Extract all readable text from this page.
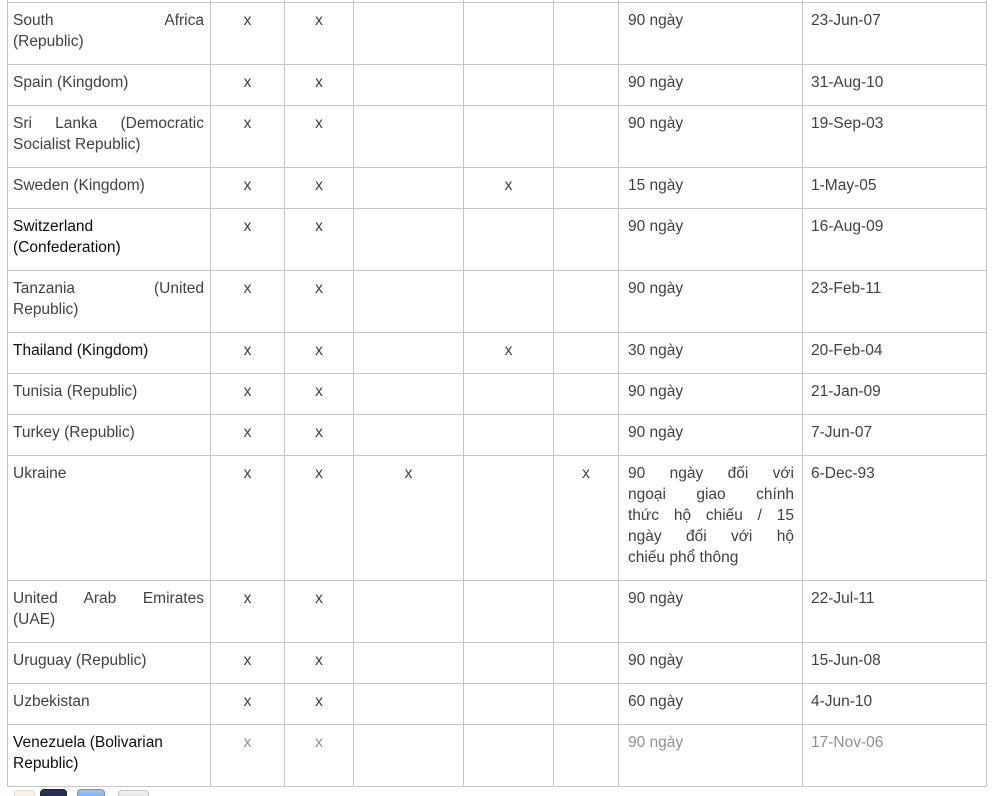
South Africa
(Republic)	x	x				90 ngày	23-Jun-07

Spain (Kingdom)	x	x				90 ngày	31-Aug-10

Sri Lanka (Democratic
Socialist Republic)	x	x				90 ngày	19-Sep-03

Sweden (Kingdom)	x	x		x		15 ngày	1-May-05

Switzerland
(Confederation)	x	x				90 ngày	16-Aug-09

Tanzania (United
Republic)	x	x				90 ngày	23-Feb-11

Thailand (Kingdom)	x	x		x		30 ngày	20-Feb-04

Tunisia (Republic)	x	x				90 ngày	21-Jan-09

Turkey (Republic)	x	x				90 ngày	7-Jun-07

Ukraine	x	x	x		x	90 ngày đối với
ngoại giao chính
thức hộ chiếu / 15
ngày đối với hộ
chiếu phổ thông	6-Dec-93

United Arab Emirates
(UAE)	x	x				90 ngày	22-Jul-11

Uruguay (Republic)	x	x				90 ngày	15-Jun-08

Uzbekistan	x	x				60 ngày	4-Jun-10

Venezuela (Bolivarian
Republic)	x	x				90 ngày	17-Nov-06
